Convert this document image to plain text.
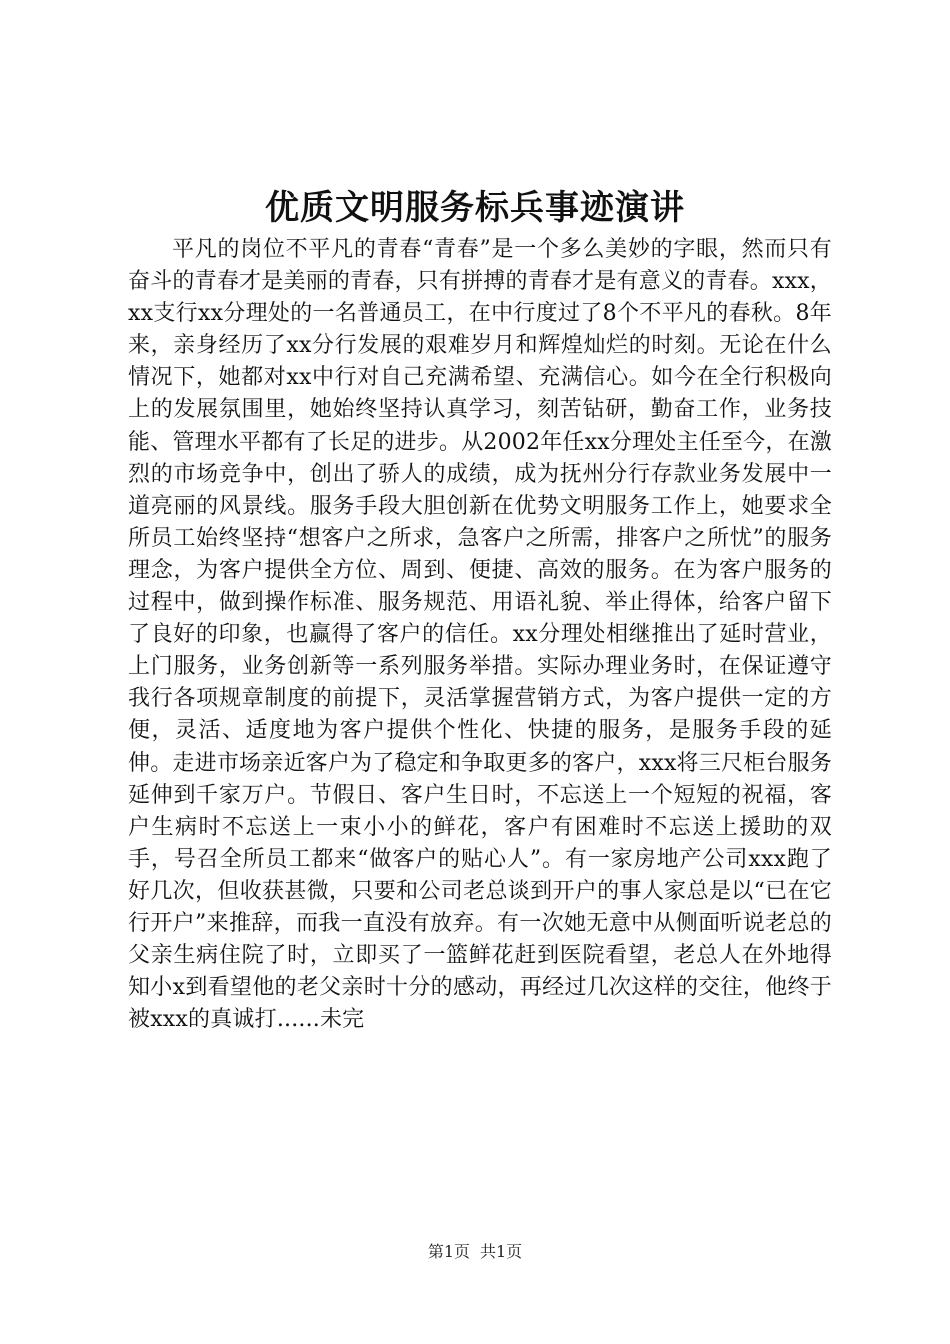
优质文明服务标兵事迹演讲

平凡的岗位不平凡的青春“青春”是一个多么美妙的字眼，然而只有奋斗的青春才是美丽的青春，只有拼搏的青春才是有意义的青春。xxx，xx支行xx分理处的一名普通员工，在中行度过了8个不平凡的春秋。8年来，亲身经历了xx分行发展的艰难岁月和辉煌灿烂的时刻。无论在什么情况下，她都对xx中行对自己充满希望、充满信心。如今在全行积极向上的发展氛围里，她始终坚持认真学习，刻苦钻研，勤奋工作，业务技能、管理水平都有了长足的进步。从2002年任xx分理处主任至今，在激烈的市场竞争中，创出了骄人的成绩，成为抚州分行存款业务发展中一道亮丽的风景线。服务手段大胆创新在优势文明服务工作上，她要求全所员工始终坚持“想客户之所求，急客户之所需，排客户之所忧”的服务理念，为客户提供全方位、周到、便捷、高效的服务。在为客户服务的过程中，做到操作标准、服务规范、用语礼貌、举止得体，给客户留下了良好的印象，也赢得了客户的信任。xx分理处相继推出了延时营业，上门服务，业务创新等一系列服务举措。实际办理业务时，在保证遵守我行各项规章制度的前提下，灵活掌握营销方式，为客户提供一定的方便，灵活、适度地为客户提供个性化、快捷的服务，是服务手段的延伸。走进市场亲近客户为了稳定和争取更多的客户，xxx将三尺柜台服务延伸到千家万户。节假日、客户生日时，不忘送上一个短短的祝福，客户生病时不忘送上一束小小的鲜花，客户有困难时不忘送上援助的双手，号召全所员工都来“做客户的贴心人”。有一家房地产公司xxx跑了好几次，但收获甚微，只要和公司老总谈到开户的事人家总是以“已在它行开户”来推辞，而我一直没有放弃。有一次她无意中从侧面听说老总的父亲生病住院了时，立即买了一篮鲜花赶到医院看望，老总人在外地得知小x到看望他的老父亲时十分的感动，再经过几次这样的交往，他终于被xxx的真诚打......未完

第1页 共1页
